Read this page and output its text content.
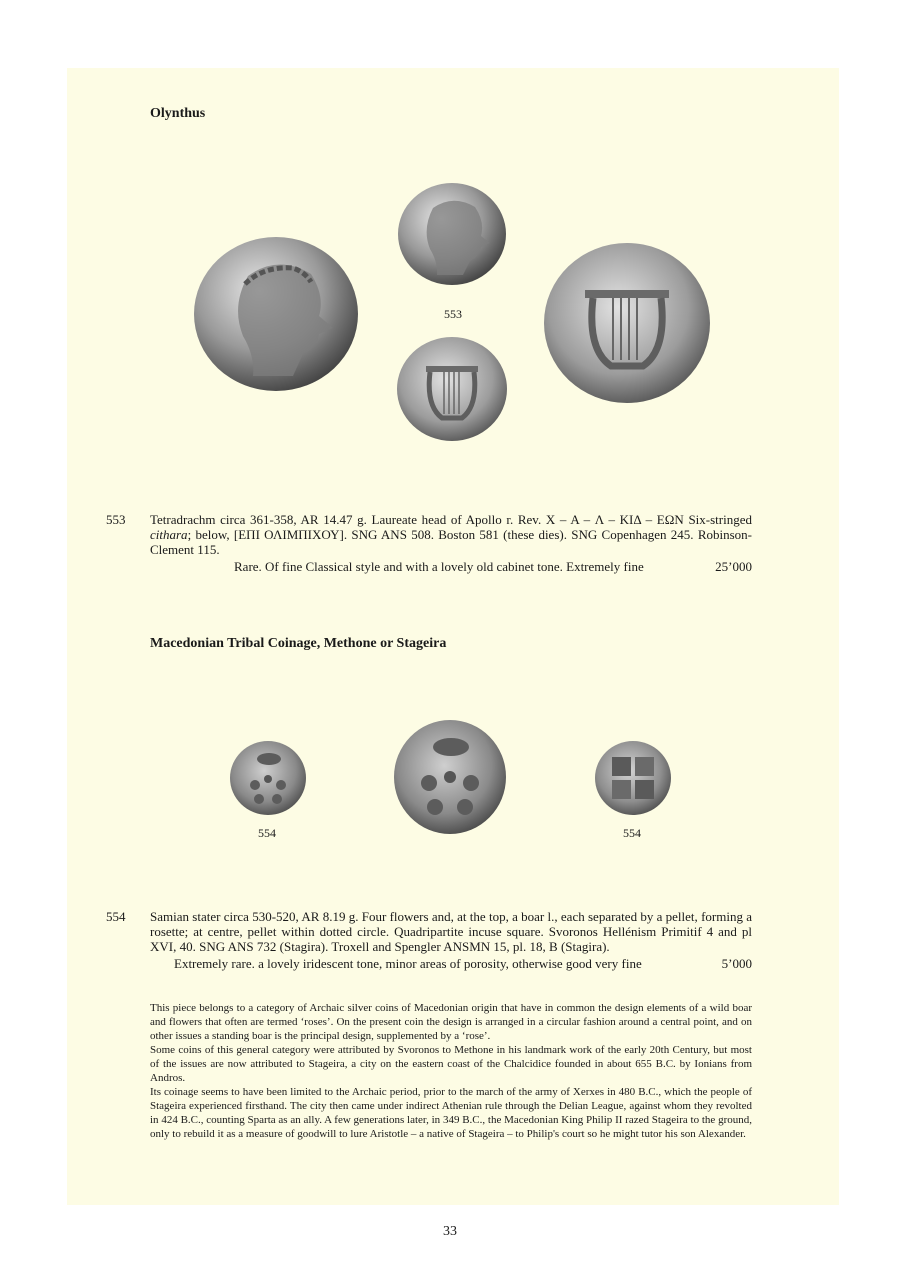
Olynthus
553
553 Tetradrachm circa 361-358, AR 14.47 g. Laureate head of Apollo r. Rev. X – A – Λ – KIΔ – EΩN Six-stringed cithara; below, [ΕΠΙ ΟΛΙΜΠΙΧΟΥ]. SNG ANS 508. Boston 581 (these dies). SNG Copenhagen 245. Robinson-Clement 115.
Rare. Of fine Classical style and with a lovely old cabinet tone. Extremely fine	25’000
Macedonian Tribal Coinage, Methone or Stageira
554	554
554 Samian stater circa 530-520, AR 8.19 g. Four flowers and, at the top, a boar l., each separated by a pellet, forming a rosette; at centre, pellet within dotted circle. Quadripartite incuse square. Svoronos Hellénism Primitif 4 and pl XVI, 40. SNG ANS 732 (Stagira). Troxell and Spengler ANSMN 15, pl. 18, B (Stagira).
Extremely rare. a lovely iridescent tone, minor areas of porosity, otherwise good very fine	5’000

This piece belongs to a category of Archaic silver coins of Macedonian origin that have in common the design elements of a wild boar and flowers that often are termed ‘roses’. On the present coin the design is arranged in a circular fashion around a central point, and on other issues a standing boar is the principal design, supplemented by a ‘rose’.

Some coins of this general category were attributed by Svoronos to Methone in his landmark work of the early 20th Century, but most of the issues are now attributed to Stageira, a city on the eastern coast of the Chalcidice founded in about 655 B.C. by Ionians from Andros.

Its coinage seems to have been limited to the Archaic period, prior to the march of the army of Xerxes in 480 B.C., which the people of Stageira experienced firsthand. The city then came under indirect Athenian rule through the Delian League, against whom they revolted in 424 B.C., counting Sparta as an ally. A few generations later, in 349 B.C., the Macedonian King Philip II razed Stageira to the ground, only to rebuild it as a measure of goodwill to lure Aristotle – a native of Stageira – to Philip's court so he might tutor his son Alexander.

33
